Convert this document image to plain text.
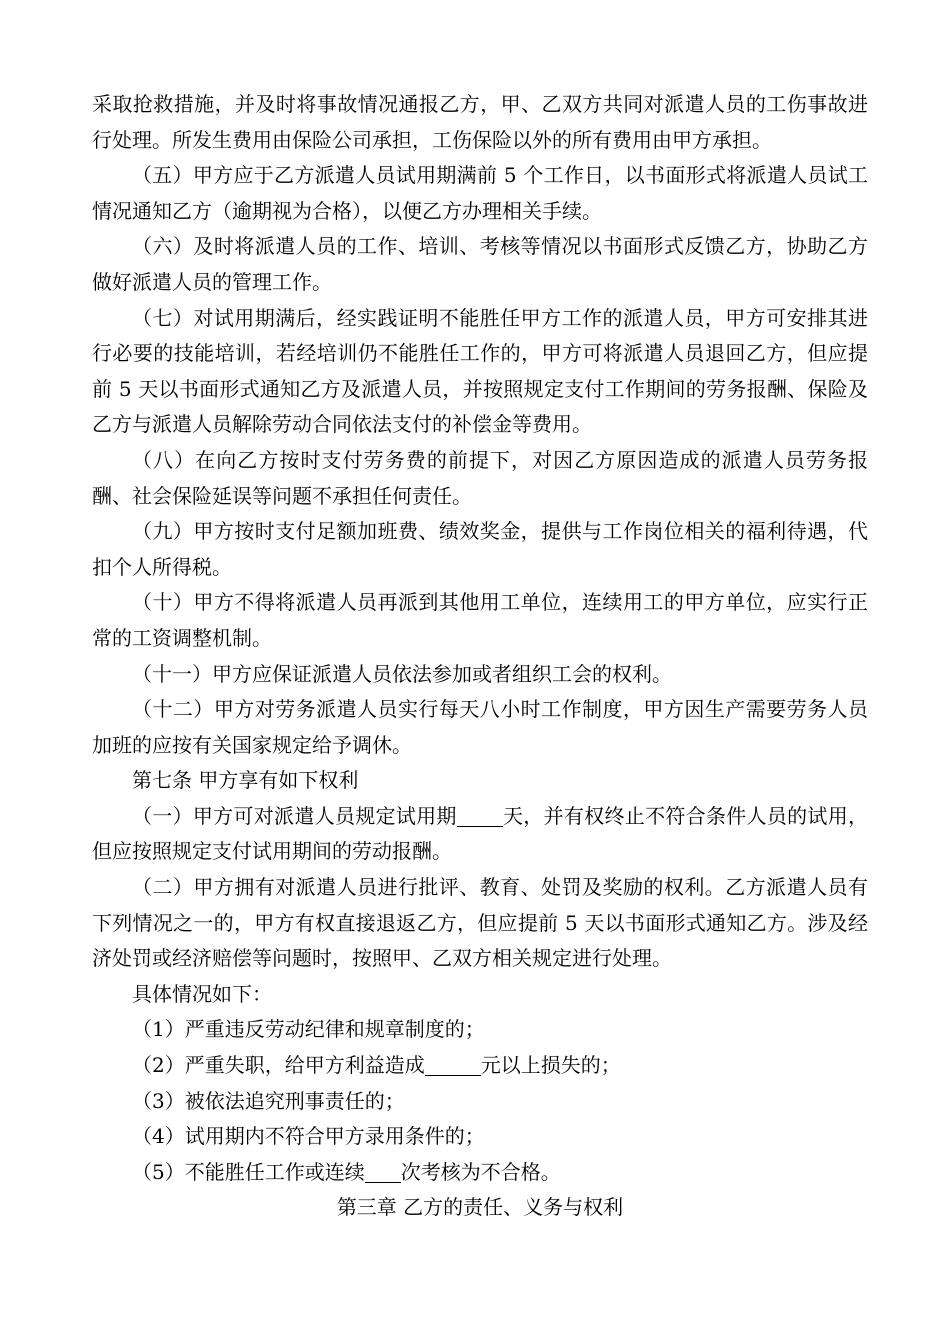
采取抢救措施，并及时将事故情况通报乙方，甲、乙双方共同对派遣人员的工伤事故进行处理。所发生费用由保险公司承担，工伤保险以外的所有费用由甲方承担。

（五）甲方应于乙方派遣人员试用期满前 5 个工作日，以书面形式将派遣人员试工情况通知乙方（逾期视为合格），以便乙方办理相关手续。

（六）及时将派遣人员的工作、培训、考核等情况以书面形式反馈乙方，协助乙方做好派遣人员的管理工作。

（七）对试用期满后，经实践证明不能胜任甲方工作的派遣人员，甲方可安排其进行必要的技能培训，若经培训仍不能胜任工作的，甲方可将派遣人员退回乙方，但应提前 5 天以书面形式通知乙方及派遣人员，并按照规定支付工作期间的劳务报酬、保险及乙方与派遣人员解除劳动合同依法支付的补偿金等费用。

（八）在向乙方按时支付劳务费的前提下，对因乙方原因造成的派遣人员劳务报酬、社会保险延误等问题不承担任何责任。

（九）甲方按时支付足额加班费、绩效奖金，提供与工作岗位相关的福利待遇，代扣个人所得税。

（十）甲方不得将派遣人员再派到其他用工单位，连续用工的甲方单位，应实行正常的工资调整机制。

（十一）甲方应保证派遣人员依法参加或者组织工会的权利。

（十二）甲方对劳务派遣人员实行每天八小时工作制度，甲方因生产需要劳务人员加班的应按有关国家规定给予调休。

第七条 甲方享有如下权利

（一）甲方可对派遣人员规定试用期 天，并有权终止不符合条件人员的试用，但应按照规定支付试用期间的劳动报酬。

（二）甲方拥有对派遣人员进行批评、教育、处罚及奖励的权利。乙方派遣人员有下列情况之一的，甲方有权直接退返乙方，但应提前 5 天以书面形式通知乙方。涉及经济处罚或经济赔偿等问题时，按照甲、乙双方相关规定进行处理。

具体情况如下：

（1）严重违反劳动纪律和规章制度的；

（2）严重失职，给甲方利益造成	元以上损失的；

（3）被依法追究刑事责任的；

（4）试用期内不符合甲方录用条件的；

（5）不能胜任工作或连续 次考核为不合格。

第三章 乙方的责任、义务与权利
